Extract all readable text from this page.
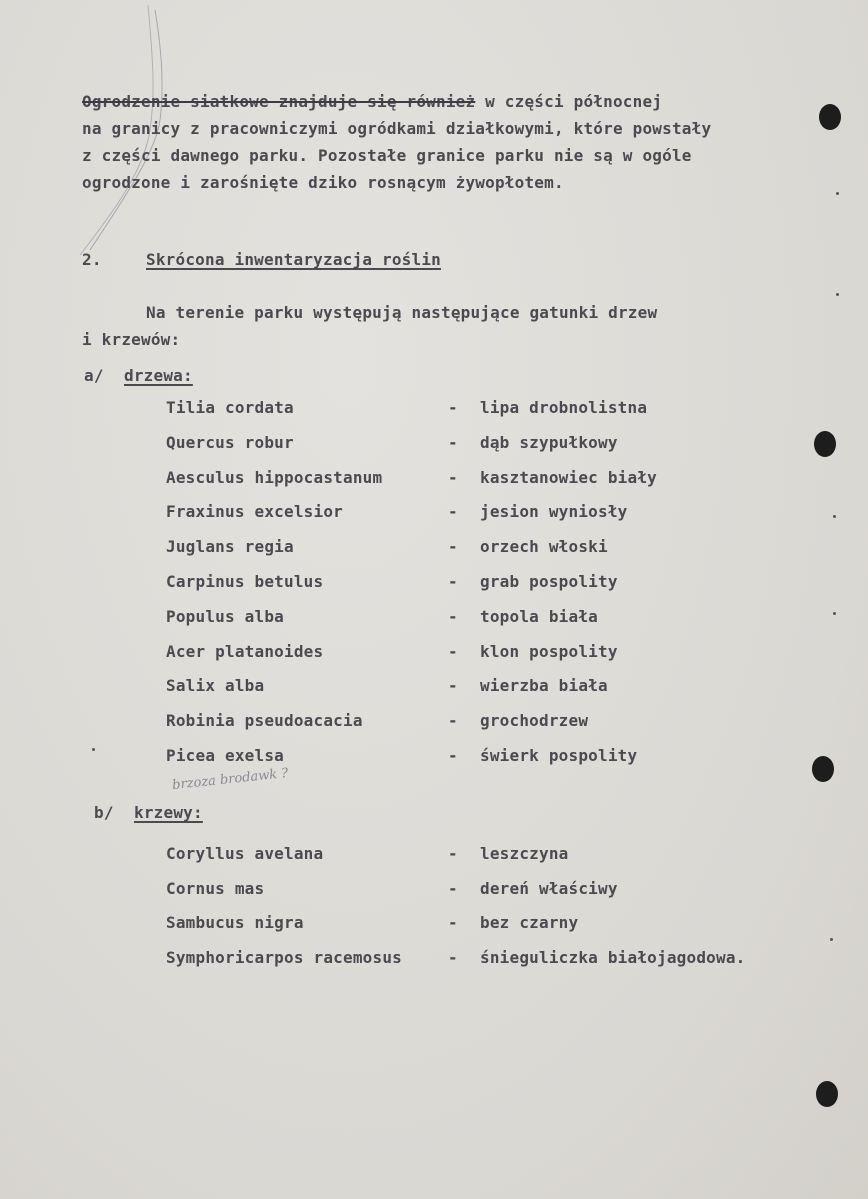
Ogrodzenie siatkowe znajduje się również w części północnej
na granicy z pracowniczymi ogródkami działkowymi, które powstały
z części dawnego parku. Pozostałe granice parku nie są w ogóle
ogrodzone i zarośnięte dziko rosnącym żywopłotem.
2.	Skrócona inwentaryzacja roślin
Na terenie parku występują następujące gatunki drzew
i krzewów:
a/ drzewa:
Tilia cordata	- lipa drobnolistna
Quercus robur	- dąb szypułkowy
Aesculus hippocastanum	- kasztanowiec biały
Fraxinus excelsior	- jesion wyniosły
Juglans regia	- orzech włoski
Carpinus betulus	- grab pospolity
Populus alba	- topola biała
Acer platanoides	- klon pospolity
Salix alba	- wierzba biała
Robinia pseudoacacia	- grochodrzew
Picea exelsa	- świerk pospolity
brzoza brodawk ?
b/ krzewy:
Coryllus avelana	- leszczyna
Cornus mas	- dereń właściwy
Sambucus nigra	- bez czarny
Symphoricarpos racemosus	- śnieguliczka białojagodowa.
